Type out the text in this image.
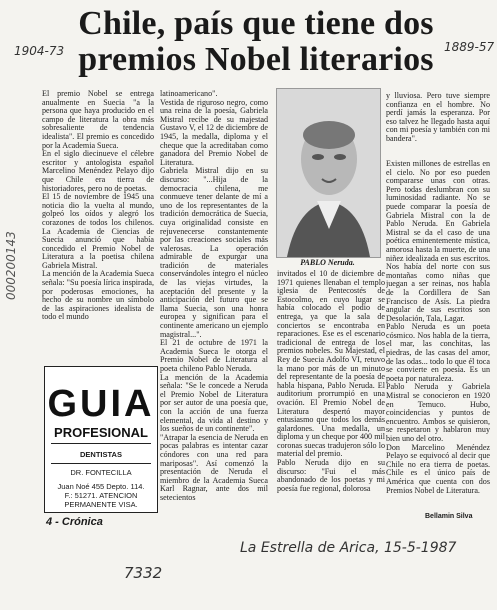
Chile, país que tiene dos
premios Nobel literarios
1904-73	1889-57
000200143
El premio Nobel se entrega anualmente en Suecia "a la persona que haya producido en el campo de literatura la obra más sobresaliente de tendencia idealista". El premio es concedido por la Academia Sueca.
En el siglo diecinueve el célebre escritor y antologista español Marcelino Menéndez Pelayo dijo que Chile era tierra de historiadores, pero no de poetas.
El 15 de noviembre de 1945 una noticia dio la vuelta al mundo, golpeó los oídos y alegró los corazones de todos los chilenos. La Academia de Ciencias de Suecia anunció que había concedido el Premio Nobel de Literatura a la poetisa chilena Gabriela Mistral.
La mención de la Academia Sueca señala: "Su poesía lírica inspirada, por poderosas emociones, ha hecho de su nombre un símbolo de las aspiraciones idealista de todo el mundo
latinoamericano".
Vestida de riguroso negro, como una reina de la poesía, Gabriela Mistral recibe de su majestad Gustavo V, el 12 de diciembre de 1945, la medalla, diploma y el cheque que la acreditaban como ganadora del Premio Nobel de Literatura.
Gabriela Mistral dijo en su discurso: "...Hija de la democracia chilena, me conmueve tener delante de mí a uno de los representantes de la tradición democrática de Suecia, cuya originalidad consiste en rejuvenecerse constantemente por las creaciones sociales más valerosas. La operación admirable de expurgar una tradición de materiales conservándoles íntegro el núcleo de las viejas virtudes, la aceptación del presente y la anticipación del futuro que se llama Suecia, son una honra europea y significan para el continente americano un ejemplo magistral...".
El 21 de octubre de 1971 la Academia Sueca le otorga el Premio Nobel de Literatura al poeta chileno Pablo Neruda.
La mención de la Academia señala: "Se le concede a Neruda el Premio Nobel de Literatura por ser autor de una poesía que, con la acción de una fuerza elemental, da vida al destino y los sueños de un continente".
"Atrapar la esencia de Neruda en pocas palabras es intentar cazar cóndores con una red para mariposas". Así comenzó la presentación de Neruda el miembro de la Academia Sueca Karl Ragnar, ante dos mil setecientos
PABLO Neruda.
invitados el 10 de diciembre de 1971 quienes llenaban el templo iglesia de Pentecostés de Estocolmo, en cuyo lugar se había colocado el podio de entrega, ya que la sala de conciertos se encontraba en reparaciones. Ese es el escenario tradicional de entrega de los premios nobeles. Su Majestad, el Rey de Suecia Adolfo VI, retuvo la mano por más de un minuto del representante de la poesía de habla hispana, Pablo Neruda. El auditorium prorrumpió en una ovación. El Premio Nobel de Literatura despertó mayor entusiasmo que todos los demás galardones. Una medalla, un diploma y un cheque por 400 mil coronas suecas tradujeron sólo lo material del premio.
Pablo Neruda dijo en su discurso: "Fui el más abandonado de los poetas y mi poesía fue regional, dolorosa
y lluviosa. Pero tuve siempre confianza en el hombre. No perdí jamás la esperanza. Por eso talvez he llegado hasta aquí con mi poesía y también con mi bandera".
Existen millones de estrellas en el cielo. No por eso pueden compararse unas con otras. Pero todas deslumbran con su luminosidad radiante. No se puede comparar la poesía de Gabriela Mistral con la de Pablo Neruda. En Gabriela Mistral se da el caso de una poética eminentemente mística, amorosa hasta la muerte, de una niñez idealizada en sus escritos. Nos había del norte con sus montañas como niñas que juegan a ser reinas, nos habla de la Cordillera de San Francisco de Asís. La piedra angular de sus escritos son Desolación, Tala, Lagar.
Pablo Neruda es un poeta cósmico. Nos habla de la tierra, el mar, las conchitas, las piedras, de las casas del amor, de las odas... todo lo que él toca se convierte en poesía. Es un poeta por naturaleza.
Pablo Neruda y Gabriela Mistral se conocieron en 1920 en Temuco. Hubo, coincidencias y puntos de encuentro. Ambos se quisieron, se respetaron y hablaron muy bien uno del otro.
Don Marcelino Menéndez Pelayo se equivocó al decir que Chile no era tierra de poetas. Chile es el único país de América que cuenta con dos Premios Nobel de Literatura.
GUIA
PROFESIONAL
DENTISTAS
DR. FONTECILLA
Juan Noé 455 Depto. 114.
F.: 51271. ATENCION
PERMANENTE VISA.
4 - Crónica	Bellamin Silva
La Estrella de Arica, 15-5-1987
7332
